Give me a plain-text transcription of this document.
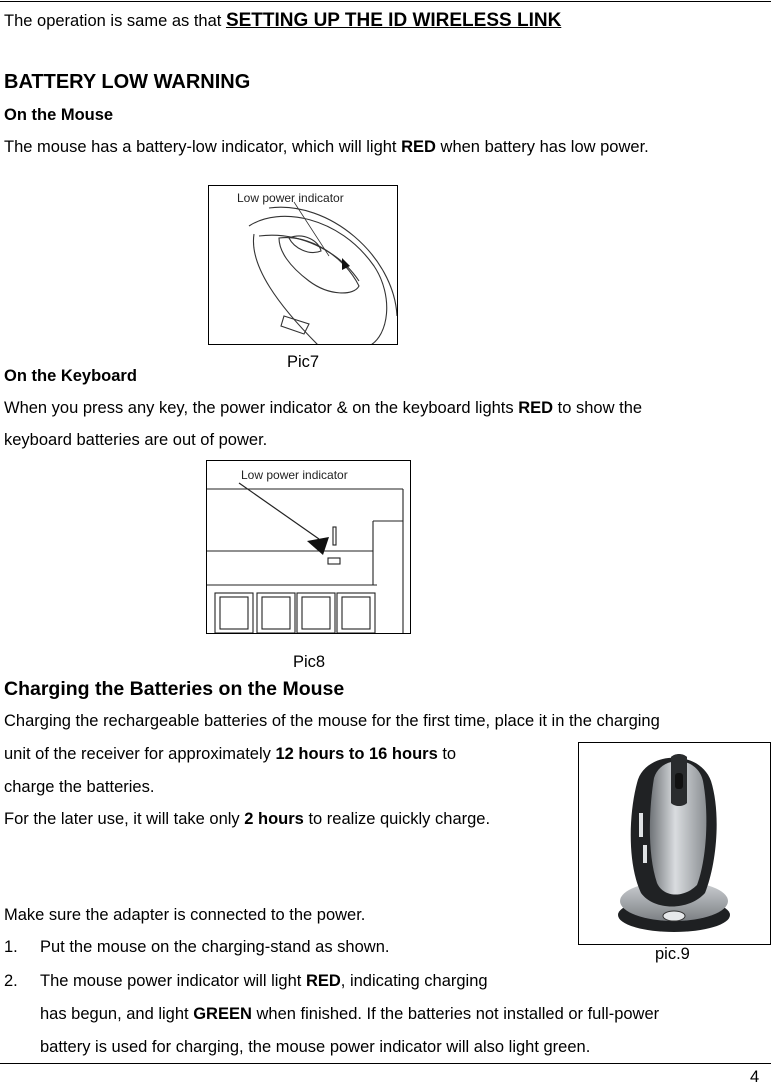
The operation is same as that SETTING UP THE ID WIRELESS LINK
BATTERY LOW WARNING
On the Mouse
The mouse has a battery-low indicator, which will light RED when battery has low power.
Low power indicator
Pic7
On the Keyboard
When you press any key, the power indicator & on the keyboard lights RED to show the
keyboard batteries are out of power.
Low power indicator
Pic8
Charging the Batteries on the Mouse
Charging the rechargeable batteries of the mouse for the first time, place it in the charging
unit of the receiver for approximately 12 hours to 16 hours to
charge the batteries.
For the later use, it will take only 2 hours to realize quickly charge.
Make sure the adapter is connected to the power.
1. Put the mouse on the charging-stand as shown.
2. The mouse power indicator will light RED, indicating charging
has begun, and light GREEN when finished. If the batteries not installed or full-power
battery is used for charging, the mouse power indicator will also light green.
pic.9
4
